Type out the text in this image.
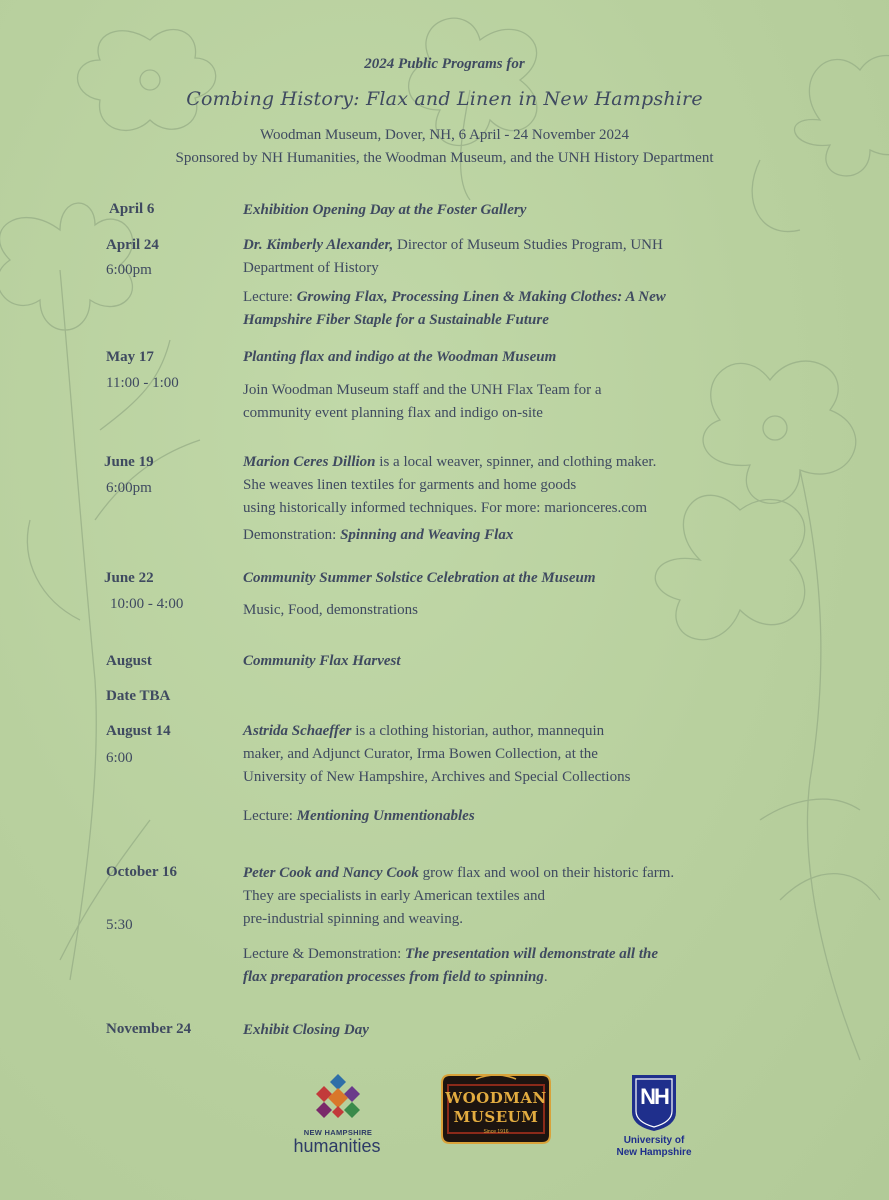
2024 Public Programs for
Combing History: Flax and Linen in New Hampshire
Woodman Museum, Dover, NH, 6 April - 24 November 2024
Sponsored by NH Humanities, the Woodman Museum, and the UNH History Department
April 6	Exhibition Opening Day at the Foster Gallery
April 24
6:00pm
Dr. Kimberly Alexander, Director of Museum Studies Program, UNH
Department of History
Lecture: Growing Flax, Processing Linen & Making Clothes: A New
Hampshire Fiber Staple for a Sustainable Future
May 17
11:00 - 1:00
Planting flax and indigo at the Woodman Museum
Join Woodman Museum staff and the UNH Flax Team for a
community event planning flax and indigo on-site
June 19
6:00pm
Marion Ceres Dillion is a local weaver, spinner, and clothing maker.
She weaves linen textiles for garments and home goods
using historically informed techniques. For more: marionceres.com
Demonstration: Spinning and Weaving Flax
June 22
10:00 - 4:00
Community Summer Solstice Celebration at the Museum
Music, Food, demonstrations
August
Date TBA
Community Flax Harvest
August 14
6:00
Astrida Schaeffer is a clothing historian, author, mannequin
maker, and Adjunct Curator, Irma Bowen Collection, at the
University of New Hampshire, Archives and Special Collections
Lecture: Mentioning Unmentionables
October 16
5:30
Peter Cook and Nancy Cook grow flax and wool on their historic farm.
They are specialists in early American textiles and
pre-industrial spinning and weaving.
Lecture & Demonstration: The presentation will demonstrate all the
flax preparation processes from field to spinning.
November 24	Exhibit Closing Day
NEW HAMPSHIRE
humanities
WOODMAN
MUSEUM
Since 1916
NH
University of
New Hampshire
